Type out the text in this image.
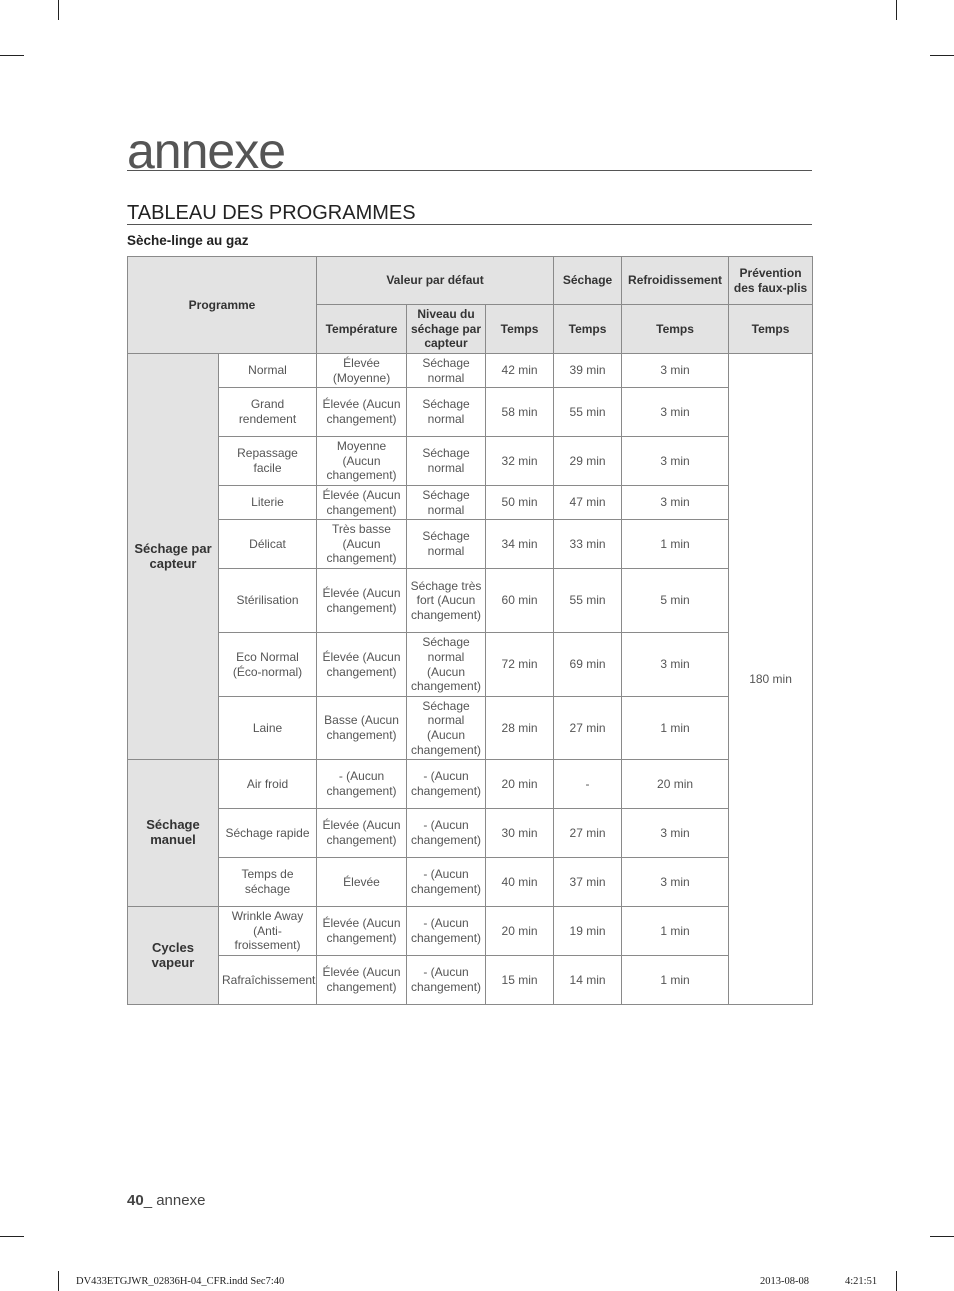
annexe
TABLEAU DES PROGRAMMES
Sèche-linge au gaz
Programme		Valeur par défaut			Séchage	Refroidissement	Prévention des faux-plis
		Température	Niveau du séchage par capteur	Temps	Temps	Temps	Temps
Séchage par capteur	Normal	Élevée (Moyenne)	Séchage normal	42 min	39 min	3 min	180 min
	Grand rendement	Élevée (Aucun changement)	Séchage normal	58 min	55 min	3 min	
	Repassage facile	Moyenne (Aucun changement)	Séchage normal	32 min	29 min	3 min	
	Literie	Élevée (Aucun changement)	Séchage normal	50 min	47 min	3 min	
	Délicat	Très basse (Aucun changement)	Séchage normal	34 min	33 min	1 min	
	Stérilisation	Élevée (Aucun changement)	Séchage très fort (Aucun changement)	60 min	55 min	5 min	
	Eco Normal (Éco-normal)	Élevée (Aucun changement)	Séchage normal (Aucun changement)	72 min	69 min	3 min	
	Laine	Basse (Aucun changement)	Séchage normal (Aucun changement)	28 min	27 min	1 min	
Séchage manuel	Air froid	- (Aucun changement)	- (Aucun changement)	20 min	-	20 min	
	Séchage rapide	Élevée (Aucun changement)	- (Aucun changement)	30 min	27 min	3 min	
	Temps de séchage	Élevée	- (Aucun changement)	40 min	37 min	3 min	
Cycles vapeur	Wrinkle Away (Anti-froissement)	Élevée (Aucun changement)	- (Aucun changement)	20 min	19 min	1 min	
	Rafraîchissement	Élevée (Aucun changement)	- (Aucun changement)	15 min	14 min	1 min	
40_ annexe
DV433ETGJWR_02836H-04_CFR.indd Sec7:40	2013-08-08	4:21:51
